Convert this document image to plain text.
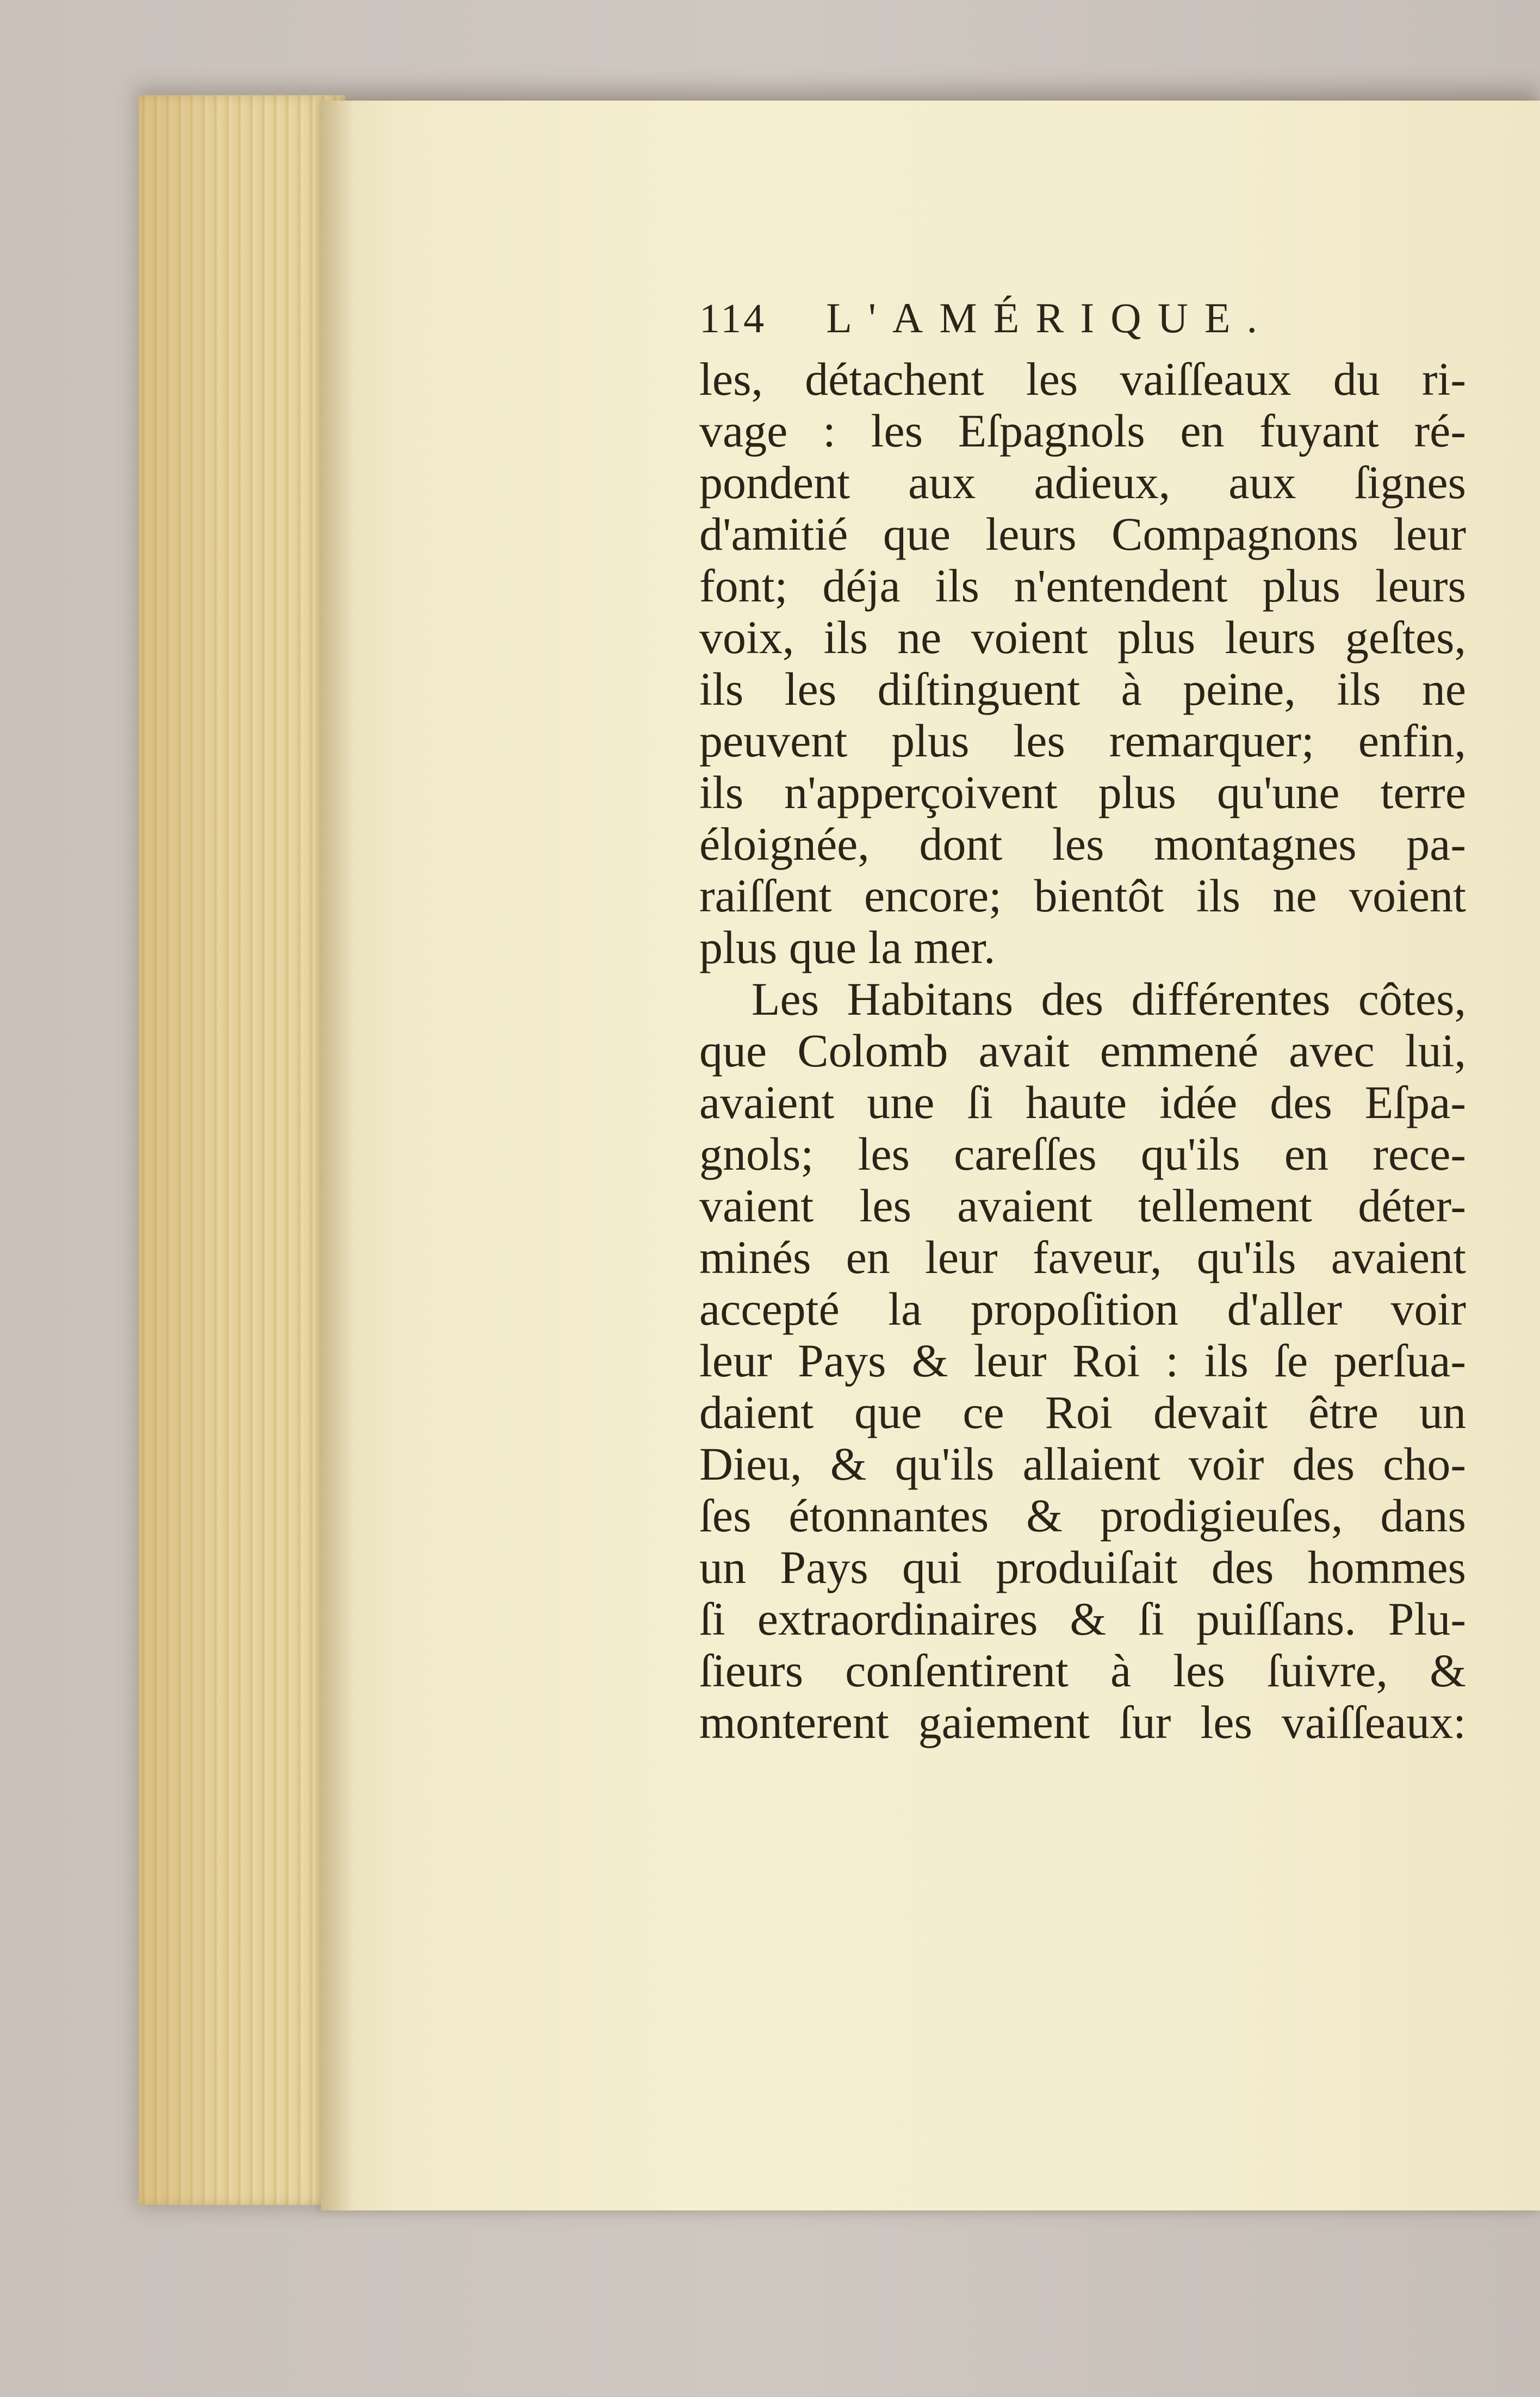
114 L'AMÉRIQUE.
les, détachent les vaiſſeaux du ri-
vage : les Eſpagnols en fuyant ré-
pondent aux adieux, aux ſignes
d'amitié que leurs Compagnons leur
font; déja ils n'entendent plus leurs
voix, ils ne voient plus leurs geſtes,
ils les diſtinguent à peine, ils ne
peuvent plus les remarquer; enfin,
ils n'apperçoivent plus qu'une terre
éloignée, dont les montagnes pa-
raiſſent encore; bientôt ils ne voient
plus que la mer.
Les Habitans des différentes côtes,
que Colomb avait emmené avec lui,
avaient une ſi haute idée des Eſpa-
gnols; les careſſes qu'ils en rece-
vaient les avaient tellement déter-
minés en leur faveur, qu'ils avaient
accepté la propoſition d'aller voir
leur Pays & leur Roi : ils ſe perſua-
daient que ce Roi devait être un
Dieu, & qu'ils allaient voir des cho-
ſes étonnantes & prodigieuſes, dans
un Pays qui produiſait des hommes
ſi extraordinaires & ſi puiſſans. Plu-
ſieurs conſentirent à les ſuivre, &
monterent gaiement ſur les vaiſſeaux:
